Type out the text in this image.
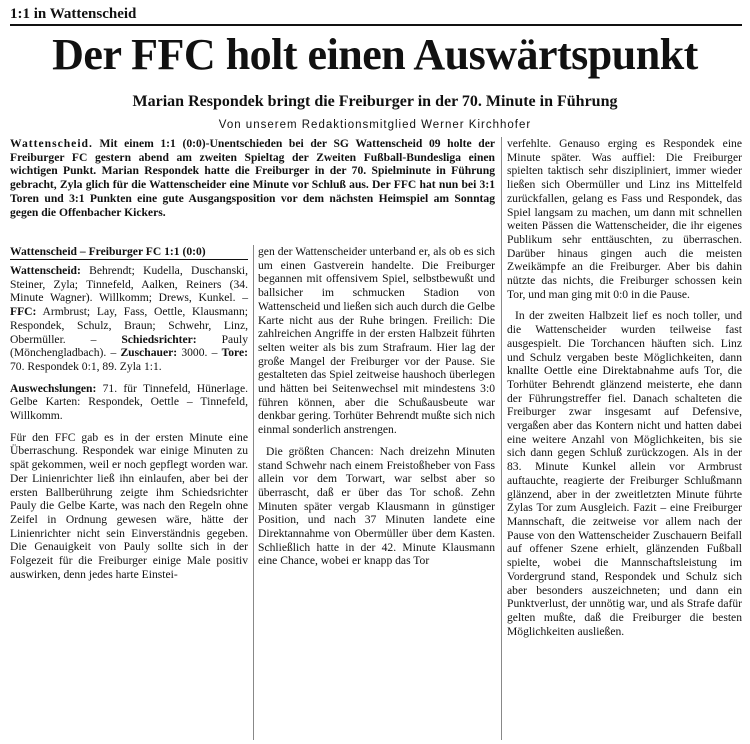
1:1 in Wattenscheid
Der FFC holt einen Auswärtspunkt
Marian Respondek bringt die Freiburger in der 70. Minute in Führung
Von unserem Redaktionsmitglied Werner Kirchhofer

Wattenscheid. Mit einem 1:1 (0:0)-Unentschieden bei der SG Wattenscheid 09 holte der Freiburger FC gestern abend am zweiten Spieltag der Zweiten Fußball-Bundesliga einen wichtigen Punkt. Marian Respondek hatte die Freiburger in der 70. Spielminute in Führung gebracht, Zyla glich für die Wattenscheider eine Minute vor Schluß aus. Der FFC hat nun bei 3:1 Toren und 3:1 Punkten eine gute Ausgangsposition vor dem nächsten Heimspiel am Sonntag gegen die Offenbacher Kickers.

Wattenscheid – Freiburger FC 1:1 (0:0)

Wattenscheid: Behrendt; Kudella, Duschanski, Steiner, Zyla; Tinnefeld, Aalken, Reiners (34. Minute Wagner). Willkomm; Drews, Kunkel. – FFC: Armbrust; Lay, Fass, Oettle, Klausmann; Respondek, Schulz, Braun; Schwehr, Linz, Obermüller. – Schiedsrichter: Pauly (Mönchengladbach). – Zuschauer: 3000. – Tore: 70. Respondek 0:1, 89. Zyla 1:1.

Auswechslungen: 71. für Tinnefeld, Hünerlage. Gelbe Karten: Respondek, Oettle – Tinnefeld, Willkomm.

Für den FFC gab es in der ersten Minute eine Überraschung. Respondek war einige Minuten zu spät gekommen, weil er noch gepflegt worden war. Der Linienrichter ließ ihn einlaufen, aber bei der ersten Ballberührung zeigte ihm Schiedsrichter Pauly die Gelbe Karte, was nach den Regeln ohne Zeifel in Ordnung gewesen wäre, hätte der Linienrichter nicht sein Einverständnis gegeben. Die Genauigkeit von Pauly sollte sich in der Folgezeit für die Freiburger einige Male positiv auswirken, denn jedes harte Einstei-

gen der Wattenscheider unterband er, als ob es sich um einen Gastverein handelte. Die Freiburger begannen mit offensivem Spiel, selbstbewußt und ballsicher im schmucken Stadion von Wattenscheid und ließen sich auch durch die Gelbe Karte nicht aus der Ruhe bringen. Freilich: Die zahlreichen Angriffe in der ersten Halbzeit führten selten weiter als bis zum Strafraum. Hier lag der große Mangel der Freiburger vor der Pause. Sie gestalteten das Spiel zeitweise haushoch überlegen und hätten bei Seitenwechsel mit mindestens 3:0 führen können, aber die Schußausbeute war denkbar gering. Torhüter Behrendt mußte sich nich einmal sonderlich anstrengen.

Die größten Chancen: Nach dreizehn Minuten stand Schwehr nach einem Freistoßheber von Fass allein vor dem Torwart, war selbst aber so überrascht, daß er über das Tor schoß. Zehn Minuten später vergab Klausmann in günstiger Position, und nach 37 Minuten landete eine Direktannahme von Obermüller über dem Kasten. Schließlich hatte in der 42. Minute Klausmann eine Chance, wobei er knapp das Tor

verfehlte. Genauso erging es Respondek eine Minute später. Was auffiel: Die Freiburger spielten taktisch sehr diszipliniert, immer wieder ließen sich Obermüller und Linz ins Mittelfeld zurückfallen, gelang es Fass und Respondek, das Spiel langsam zu machen, um dann mit schnellen weiten Pässen die Wattenscheider, die ihr eigenes Publikum sehr enttäuschten, zu überraschen. Darüber hinaus gingen auch die meisten Zweikämpfe an die Freiburger. Aber bis dahin nützte das nichts, die Freiburger schossen kein Tor, und man ging mit 0:0 in die Pause.

In der zweiten Halbzeit lief es noch toller, und die Wattenscheider wurden teilweise fast ausgespielt. Die Torchancen häuften sich. Linz und Schulz vergaben beste Möglichkeiten, dann knallte Oettle eine Direktabnahme aufs Tor, die Torhüter Behrendt glänzend meisterte, ehe dann der Führungstreffer fiel. Danach schalteten die Freiburger zwar insgesamt auf Defensive, vergaßen aber das Kontern nicht und hatten dabei eine weitere Anzahl von Möglichkeiten, bis sie sich dann gegen Schluß zurückzogen. Als in der 83. Minute Kunkel allein vor Armbrust auftauchte, reagierte der Freiburger Schlußmann glänzend, aber in der zweitletzten Minute führte Zylas Tor zum Ausgleich. Fazit – eine Freiburger Mannschaft, die zeitweise vor allem nach der Pause von den Wattenscheider Zuschauern Beifall auf offener Szene erhielt, glänzenden Fußball spielte, wobei die Mannschaftsleistung im Vordergrund stand, Respondek und Schulz sich aber besonders auszeichneten; und dann ein Punktverlust, der unnötig war, und als Strafe dafür gelten mußte, daß die Freiburger die besten Möglichkeiten ausließen.
